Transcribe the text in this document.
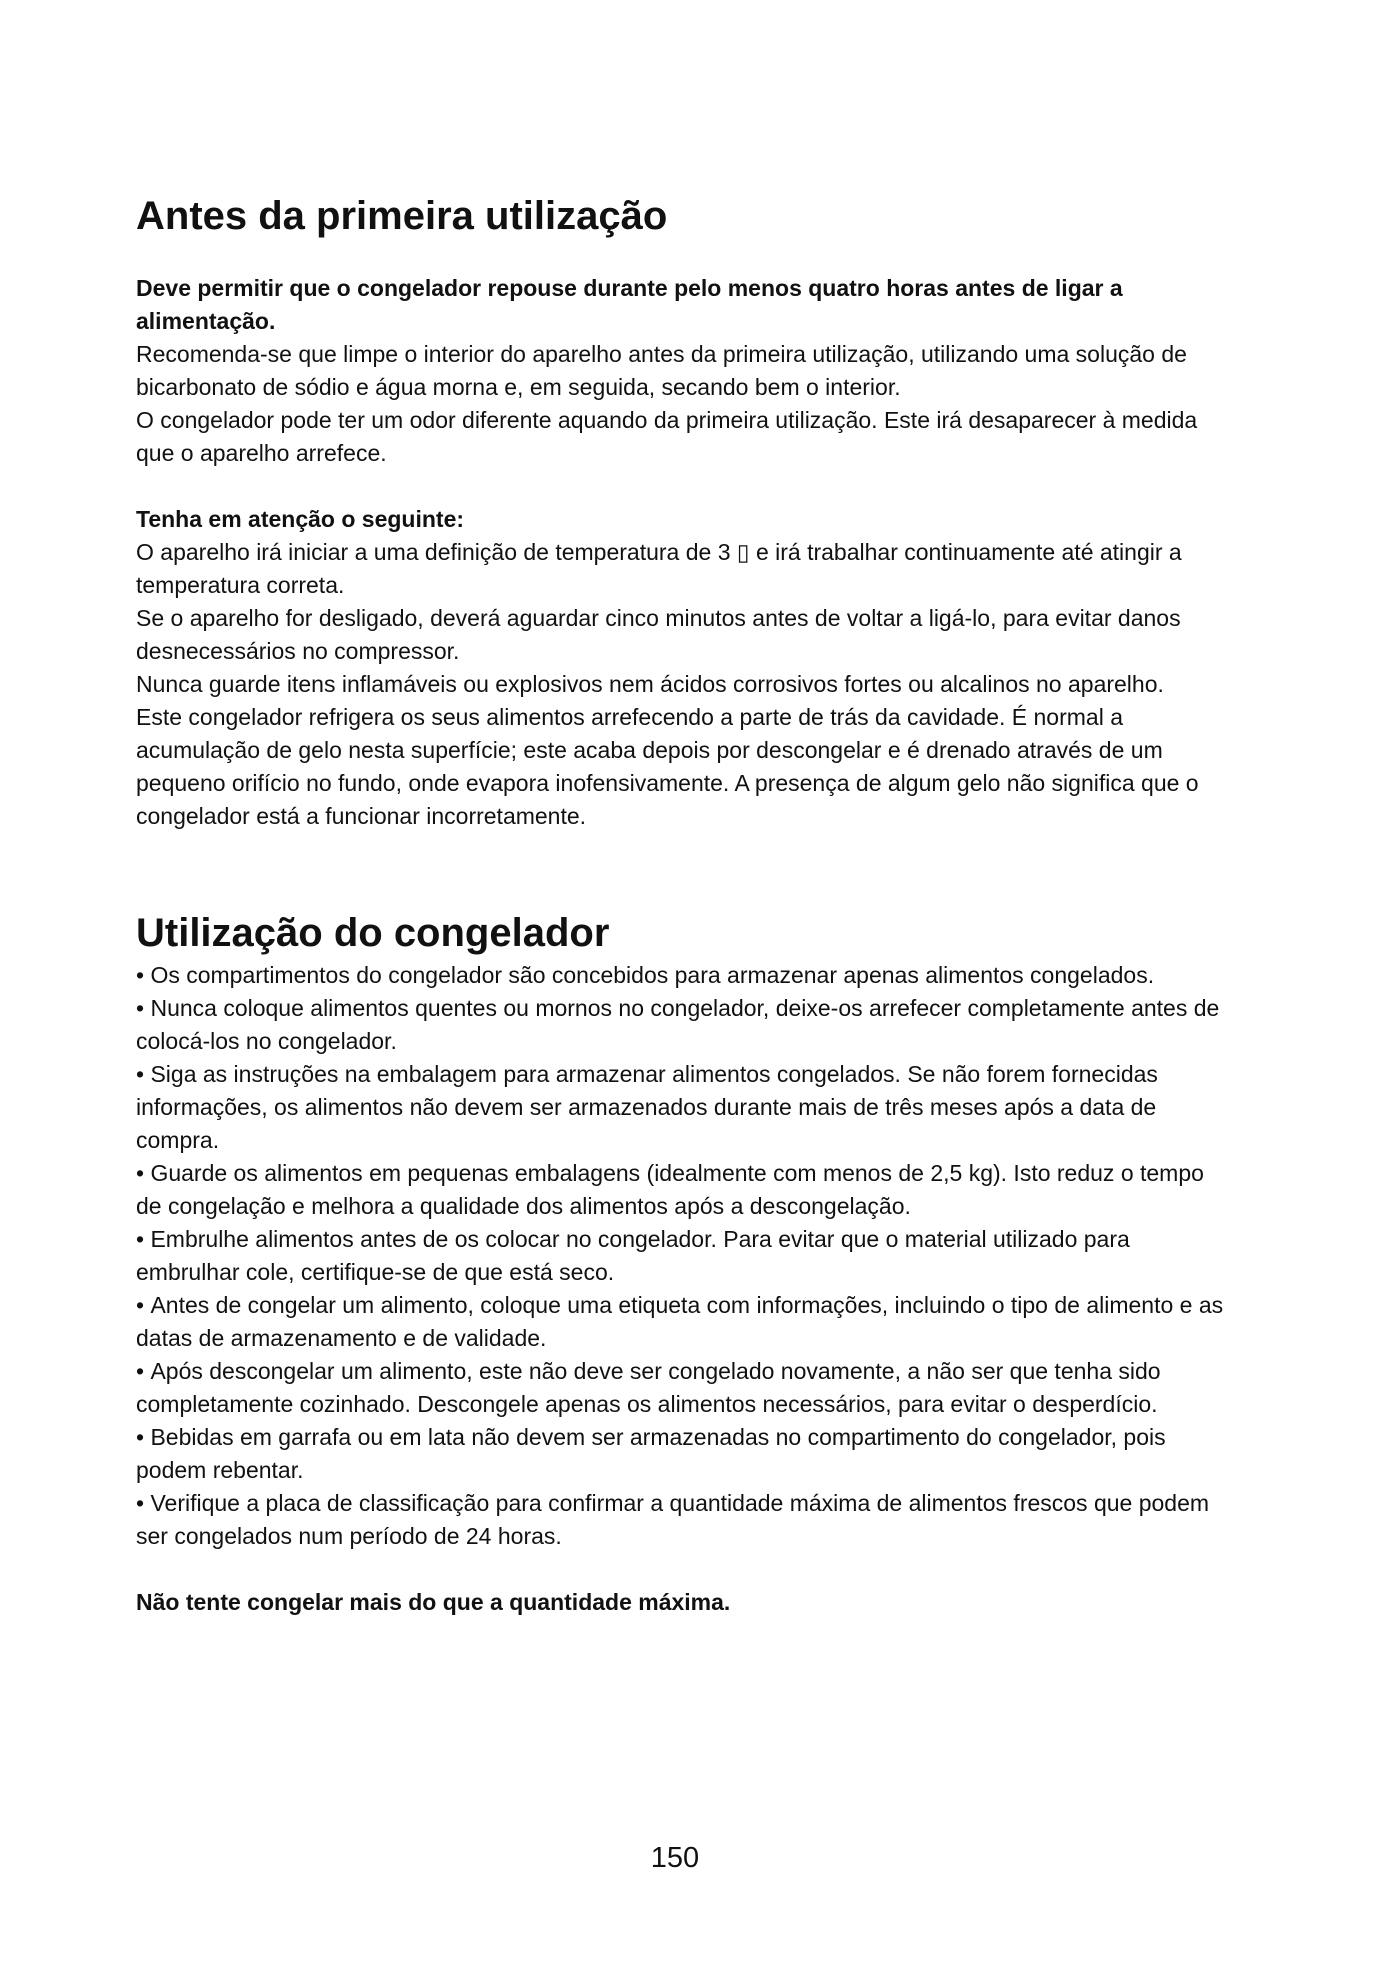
Antes da primeira utilização

Deve permitir que o congelador repouse durante pelo menos quatro horas antes de ligar a alimentação.

Recomenda-se que limpe o interior do aparelho antes da primeira utilização, utilizando uma solução de bicarbonato de sódio e água morna e, em seguida, secando bem o interior.

O congelador pode ter um odor diferente aquando da primeira utilização. Este irá desaparecer à medida que o aparelho arrefece.

Tenha em atenção o seguinte:

O aparelho irá iniciar a uma definição de temperatura de 3 ▯ e irá trabalhar continuamente até atingir a temperatura correta.

Se o aparelho for desligado, deverá aguardar cinco minutos antes de voltar a ligá-lo, para evitar danos desnecessários no compressor.

Nunca guarde itens inflamáveis ou explosivos nem ácidos corrosivos fortes ou alcalinos no aparelho.

Este congelador refrigera os seus alimentos arrefecendo a parte de trás da cavidade. É normal a acumulação de gelo nesta superfície; este acaba depois por descongelar e é drenado através de um pequeno orifício no fundo, onde evapora inofensivamente. A presença de algum gelo não significa que o congelador está a funcionar incorretamente.

Utilização do congelador

• Os compartimentos do congelador são concebidos para armazenar apenas alimentos congelados.

• Nunca coloque alimentos quentes ou mornos no congelador, deixe-os arrefecer completamente antes de colocá-los no congelador.

• Siga as instruções na embalagem para armazenar alimentos congelados. Se não forem fornecidas informações, os alimentos não devem ser armazenados durante mais de três meses após a data de compra.

• Guarde os alimentos em pequenas embalagens (idealmente com menos de 2,5 kg). Isto reduz o tempo de congelação e melhora a qualidade dos alimentos após a descongelação.

• Embrulhe alimentos antes de os colocar no congelador. Para evitar que o material utilizado para embrulhar cole, certifique-se de que está seco.

• Antes de congelar um alimento, coloque uma etiqueta com informações, incluindo o tipo de alimento e as datas de armazenamento e de validade.

• Após descongelar um alimento, este não deve ser congelado novamente, a não ser que tenha sido completamente cozinhado. Descongele apenas os alimentos necessários, para evitar o desperdício.

• Bebidas em garrafa ou em lata não devem ser armazenadas no compartimento do congelador, pois podem rebentar.

• Verifique a placa de classificação para confirmar a quantidade máxima de alimentos frescos que podem ser congelados num período de 24 horas.

Não tente congelar mais do que a quantidade máxima.

150
